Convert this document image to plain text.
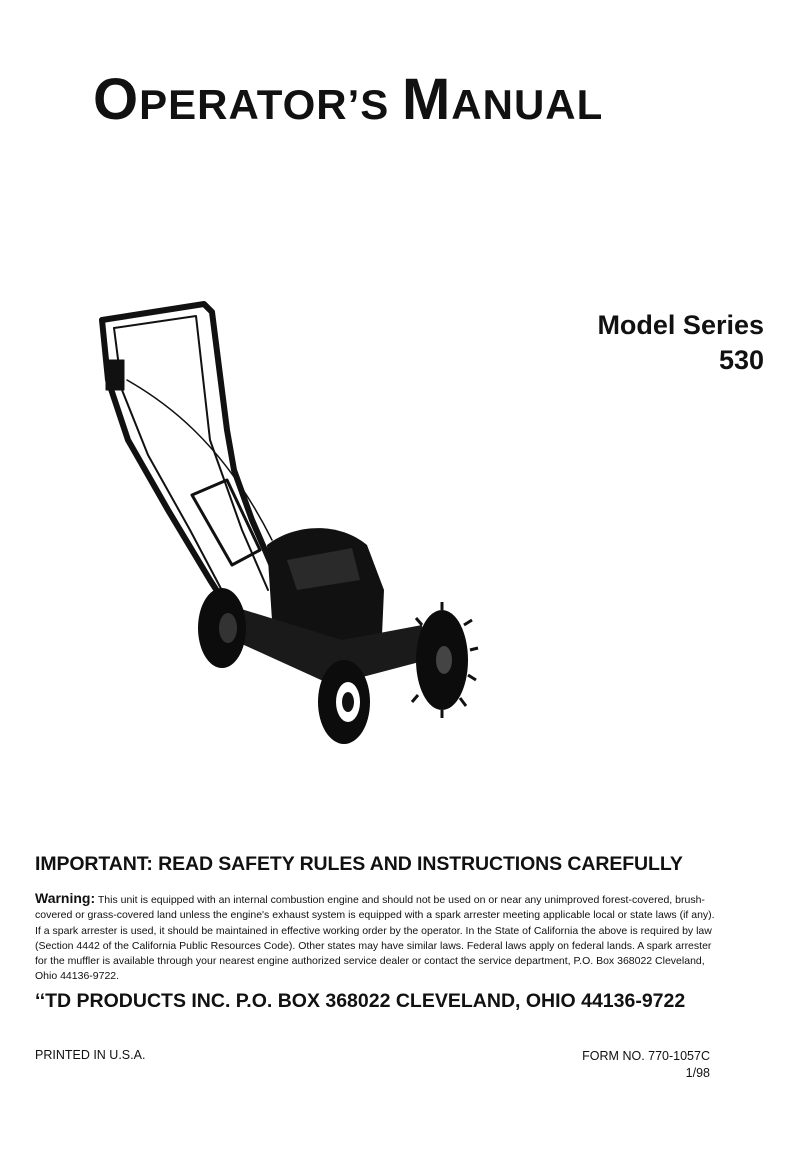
OPERATOR’S MANUAL
Model Series
530
IMPORTANT: READ SAFETY RULES AND INSTRUCTIONS CAREFULLY

Warning: This unit is equipped with an internal combustion engine and should not be used on or near any unimproved forest-covered, brush-covered or grass-covered land unless the engine's exhaust system is equipped with a spark arrester meeting applicable local or state laws (if any). If a spark arrester is used, it should be maintained in effective working order by the operator. In the State of California the above is required by law (Section 4442 of the California Public Resources Code). Other states may have similar laws. Federal laws apply on federal lands. A spark arrester for the muffler is available through your nearest engine authorized service dealer or contact the service department, P.O. Box 368022 Cleveland, Ohio 44136-9722.

‘‘TD PRODUCTS INC. P.O. BOX 368022 CLEVELAND, OHIO 44136-9722
PRINTED IN U.S.A.	FORM NO. 770-1057C
1/98
